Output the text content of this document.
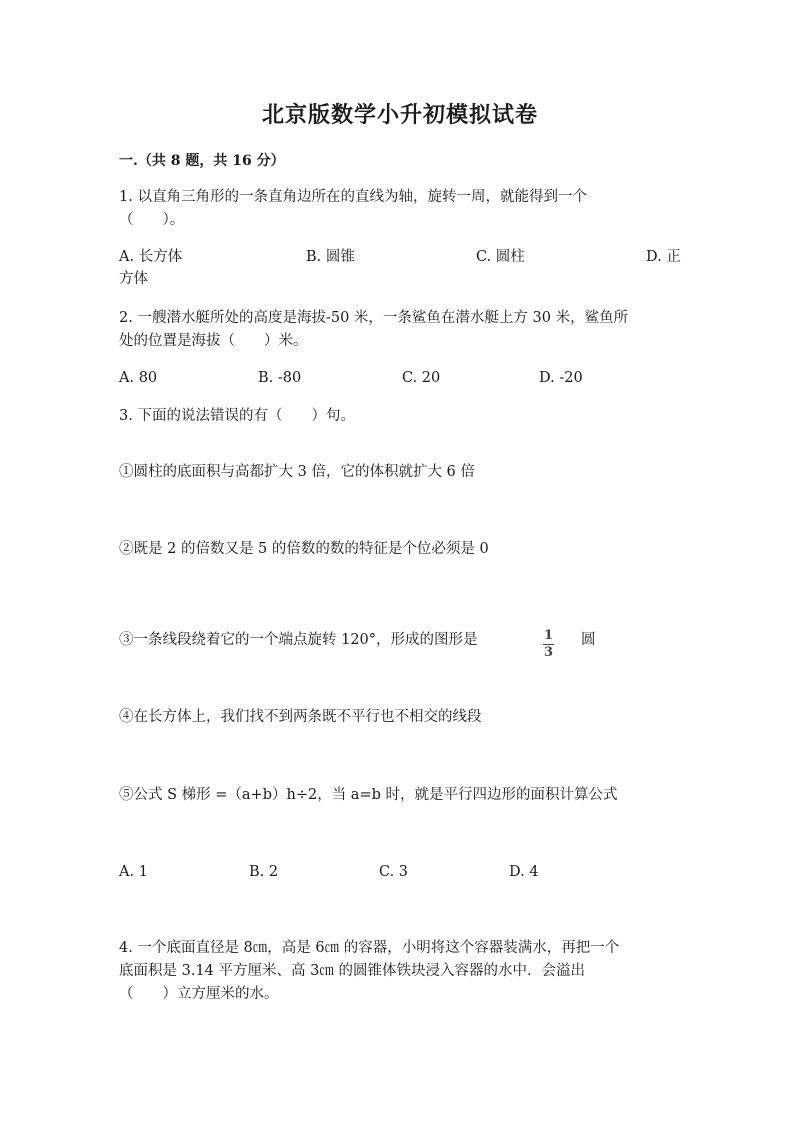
北京版数学小升初模拟试卷
一.（共 8 题，共 16 分）
1. 以直角三角形的一条直角边所在的直线为轴，旋转一周，就能得到一个
（　　）。
A. 长方体	B. 圆锥	C. 圆柱	D. 正
方体
2. 一艘潜水艇所处的高度是海拔-50 米，一条鲨鱼在潜水艇上方 30 米，鲨鱼所
处的位置是海拔（　　）米。
A. 80	B. -80	C. 20	D. -20
3. 下面的说法错误的有（　　）句。
①圆柱的底面积与高都扩大 3 倍，它的体积就扩大 6 倍
②既是 2 的倍数又是 5 的倍数的数的特征是个位必须是 0
③一条线段绕着它的一个端点旋转 120°，形成的图形是	$\frac{1}{3}$ 圆
④在长方体上，我们找不到两条既不平行也不相交的线段
⑤公式 S 梯形 =（a+b）h÷2，当 a=b 时，就是平行四边形的面积计算公式
A. 1	B. 2	C. 3	D. 4
4. 一个底面直径是 8㎝，高是 6㎝ 的容器，小明将这个容器装满水，再把一个
底面积是 3.14 平方厘米、高 3㎝ 的圆锥体铁块浸入容器的水中．会溢出
（　　）立方厘米的水。
